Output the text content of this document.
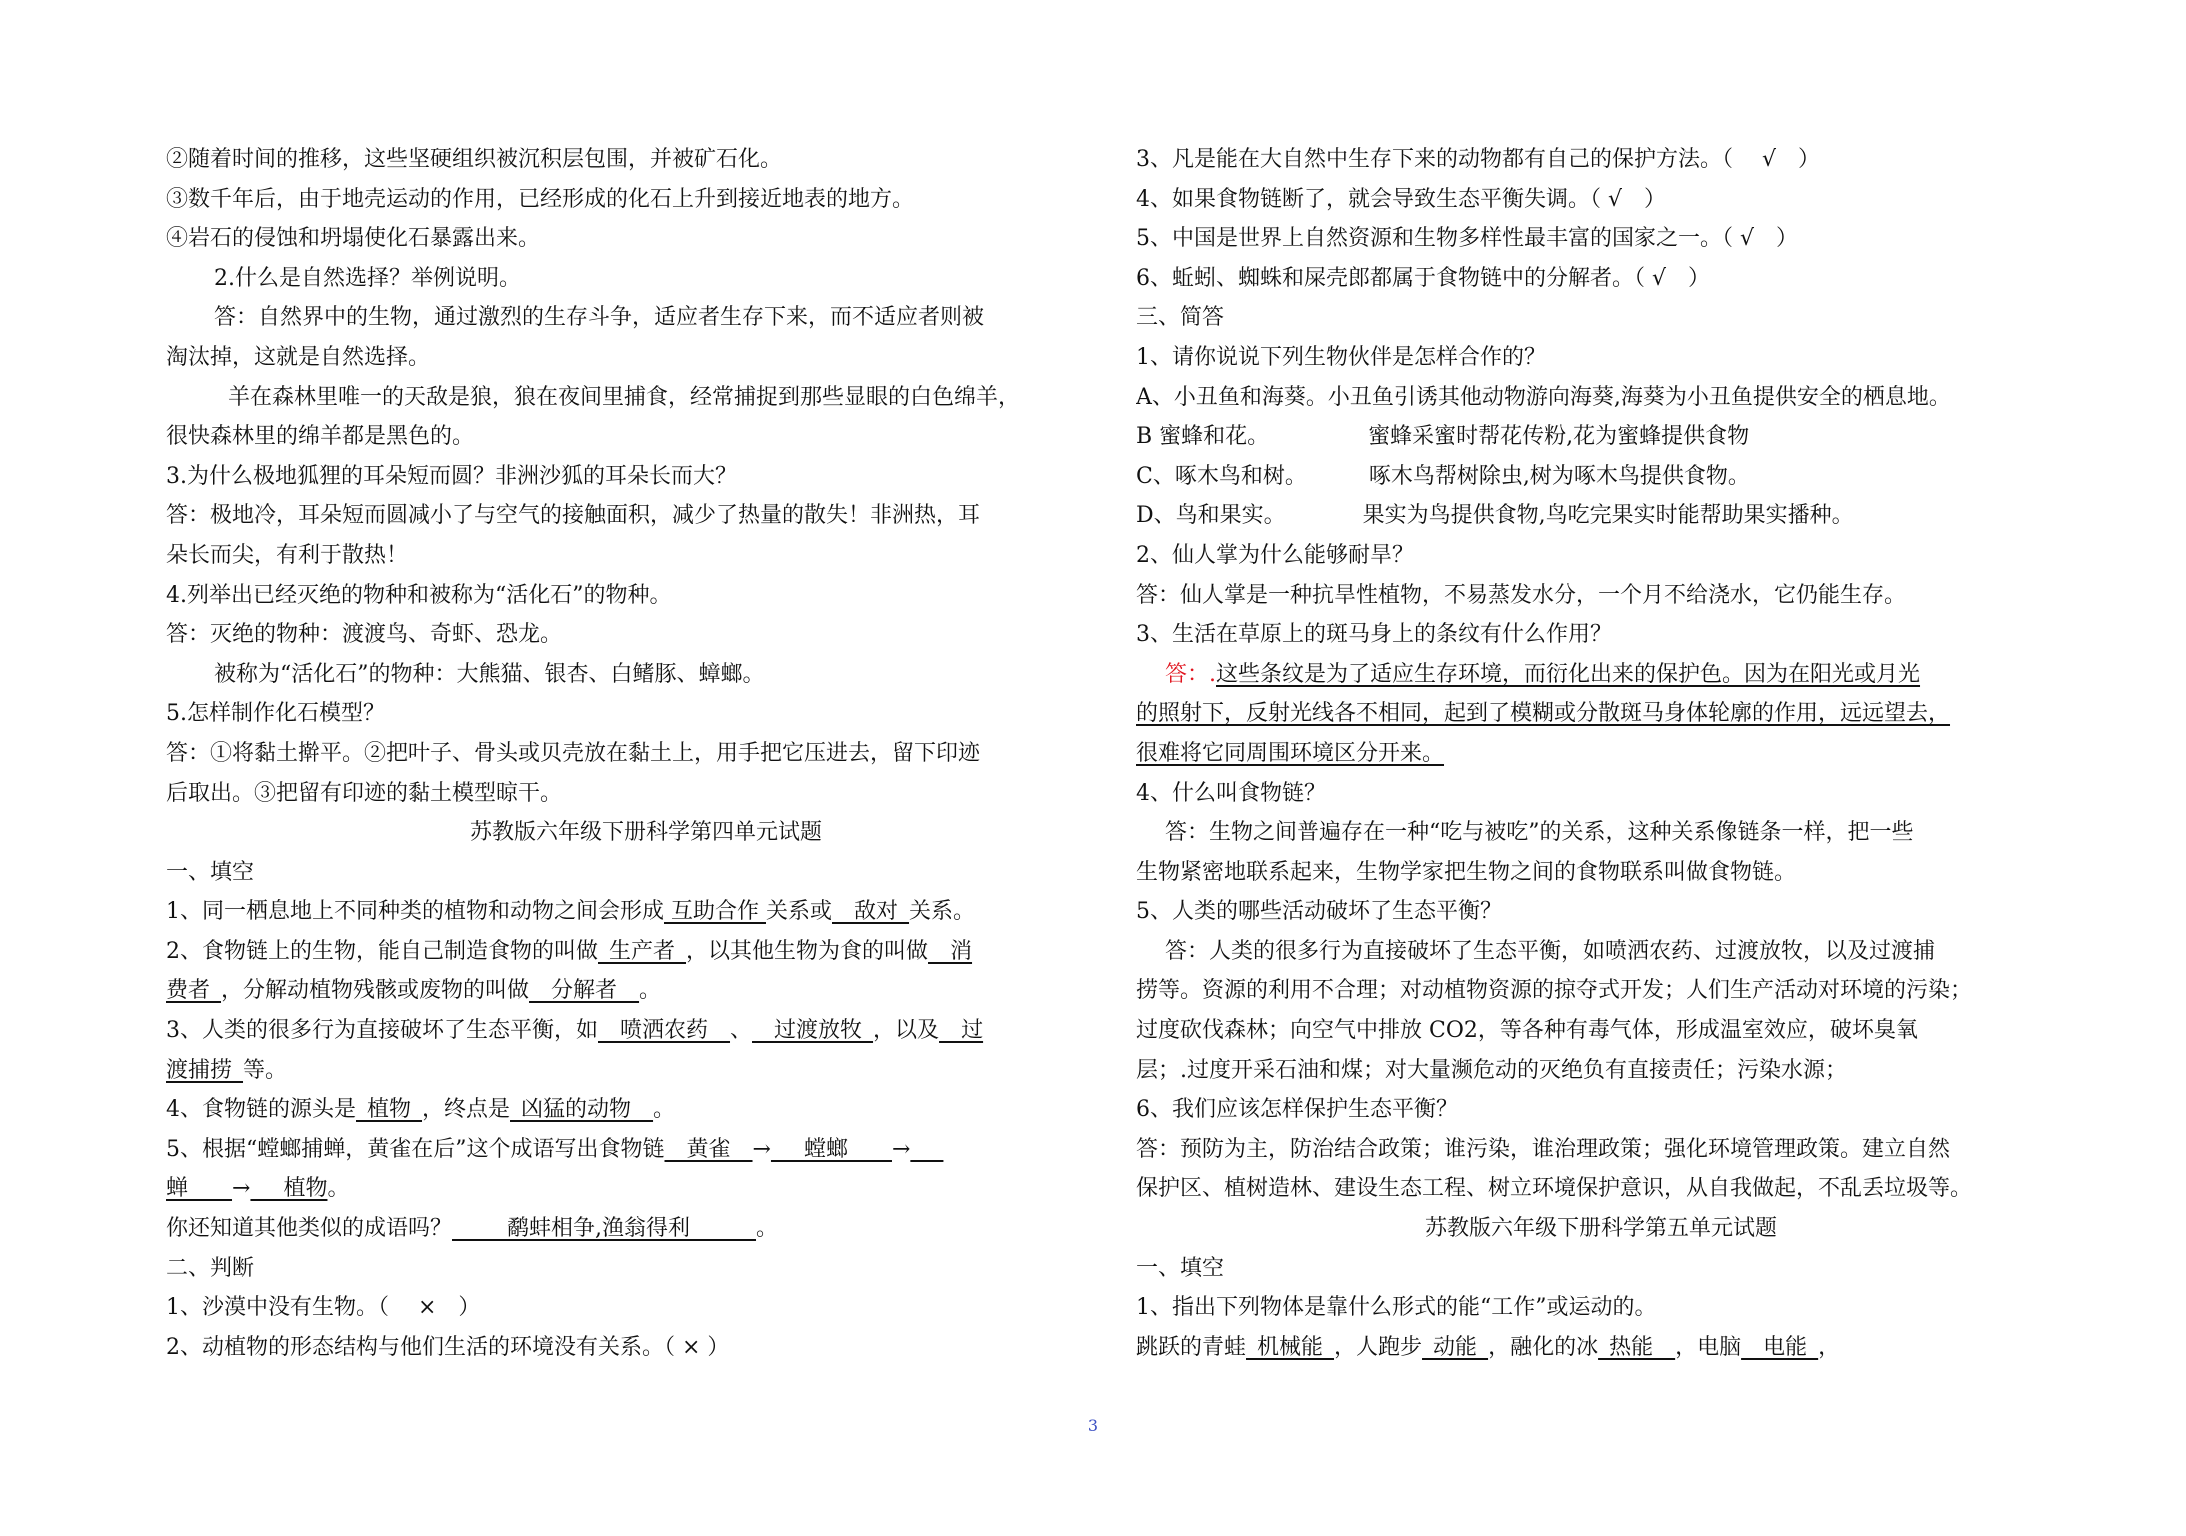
②随着时间的推移，这些坚硬组织被沉积层包围，并被矿石化。
③数千年后，由于地壳运动的作用，已经形成的化石上升到接近地表的地方。
④岩石的侵蚀和坍塌使化石暴露出来。
2.什么是自然选择？举例说明。
答：自然界中的生物，通过激烈的生存斗争，适应者生存下来，而不适应者则被
淘汰掉，这就是自然选择。
羊在森林里唯一的天敌是狼，狼在夜间里捕食，经常捕捉到那些显眼的白色绵羊，
很快森林里的绵羊都是黑色的。
3.为什么极地狐狸的耳朵短而圆？非洲沙狐的耳朵长而大？
答：极地冷，耳朵短而圆减小了与空气的接触面积，减少了热量的散失！非洲热，耳
朵长而尖，有利于散热！
4.列举出已经灭绝的物种和被称为“活化石”的物种。
答：灭绝的物种：渡渡鸟、奇虾、恐龙。
被称为“活化石”的物种：大熊猫、银杏、白鳍豚、蟑螂。
5.怎样制作化石模型？
答：①将黏土擀平。②把叶子、骨头或贝壳放在黏土上，用手把它压进去，留下印迹
后取出。③把留有印迹的黏土模型晾干。
苏教版六年级下册科学第四单元试题
一、填空
1、同一栖息地上不同种类的植物和动物之间会形成 互助合作 关系或__敌对_关系。
2、食物链上的生物，能自己制造食物的叫做_生产者_，以其他生物为食的叫做__消
费者_，分解动植物残骸或废物的叫做__分解者__。
3、人类的很多行为直接破坏了生态平衡，如__喷洒农药__、__过渡放牧_，以及__过
渡捕捞_等。
4、食物链的源头是_植物_，终点是_凶猛的动物__。
5、根据“螳螂捕蝉，黄雀在后”这个成语写出食物链__黄雀__→___螳螂____→___
蝉____→___植物。
你还知道其他类似的成语吗？_____鹬蚌相争,渔翁得利______。
二、判断
1、沙漠中没有生物。（　 ×　）
2、动植物的形态结构与他们生活的环境没有关系。（ × ）
3、凡是能在大自然中生存下来的动物都有自己的保护方法。（　 √　）
4、如果食物链断了，就会导致生态平衡失调。（ √　）
5、中国是世界上自然资源和生物多样性最丰富的国家之一。（ √　）
6、蚯蚓、蜘蛛和屎壳郎都属于食物链中的分解者。（ √　）
三、简答
1、请你说说下列生物伙伴是怎样合作的？
A、小丑鱼和海葵。小丑鱼引诱其他动物游向海葵,海葵为小丑鱼提供安全的栖息地。
B 蜜蜂和花。　　　　　蜜蜂采蜜时帮花传粉,花为蜜蜂提供食物
C、啄木鸟和树。　　　 啄木鸟帮树除虫,树为啄木鸟提供食物。
D、鸟和果实。　　　　果实为鸟提供食物,鸟吃完果实时能帮助果实播种。
2、仙人掌为什么能够耐旱？
答：仙人掌是一种抗旱性植物，不易蒸发水分，一个月不给浇水，它仍能生存。
3、生活在草原上的斑马身上的条纹有什么作用？
　 答：.这些条纹是为了适应生存环境，而衍化出来的保护色。因为在阳光或月光
的照射下，反射光线各不相同，起到了模糊或分散斑马身体轮廓的作用，远远望去，
很难将它同周围环境区分开来。
4、什么叫食物链？
　 答：生物之间普遍存在一种“吃与被吃”的关系，这种关系像链条一样，把一些
生物紧密地联系起来，生物学家把生物之间的食物联系叫做食物链。
5、人类的哪些活动破坏了生态平衡？
　 答：人类的很多行为直接破坏了生态平衡，如喷洒农药、过渡放牧，以及过渡捕
捞等。资源的利用不合理；对动植物资源的掠夺式开发；人们生产活动对环境的污染；
过度砍伐森林；向空气中排放 CO2，等各种有毒气体，形成温室效应，破坏臭氧
层；.过度开采石油和煤；对大量濒危动的灭绝负有直接责任；污染水源；
6、我们应该怎样保护生态平衡？
答：预防为主，防治结合政策；谁污染，谁治理政策；强化环境管理政策。建立自然
保护区、植树造林、建设生态工程、树立环境保护意识，从自我做起，不乱丢垃圾等。
苏教版六年级下册科学第五单元试题
一、填空
1、指出下列物体是靠什么形式的能“工作”或运动的。
跳跃的青蛙_机械能_，人跑步_动能_，融化的冰_热能__，电脑__电能_，
3
